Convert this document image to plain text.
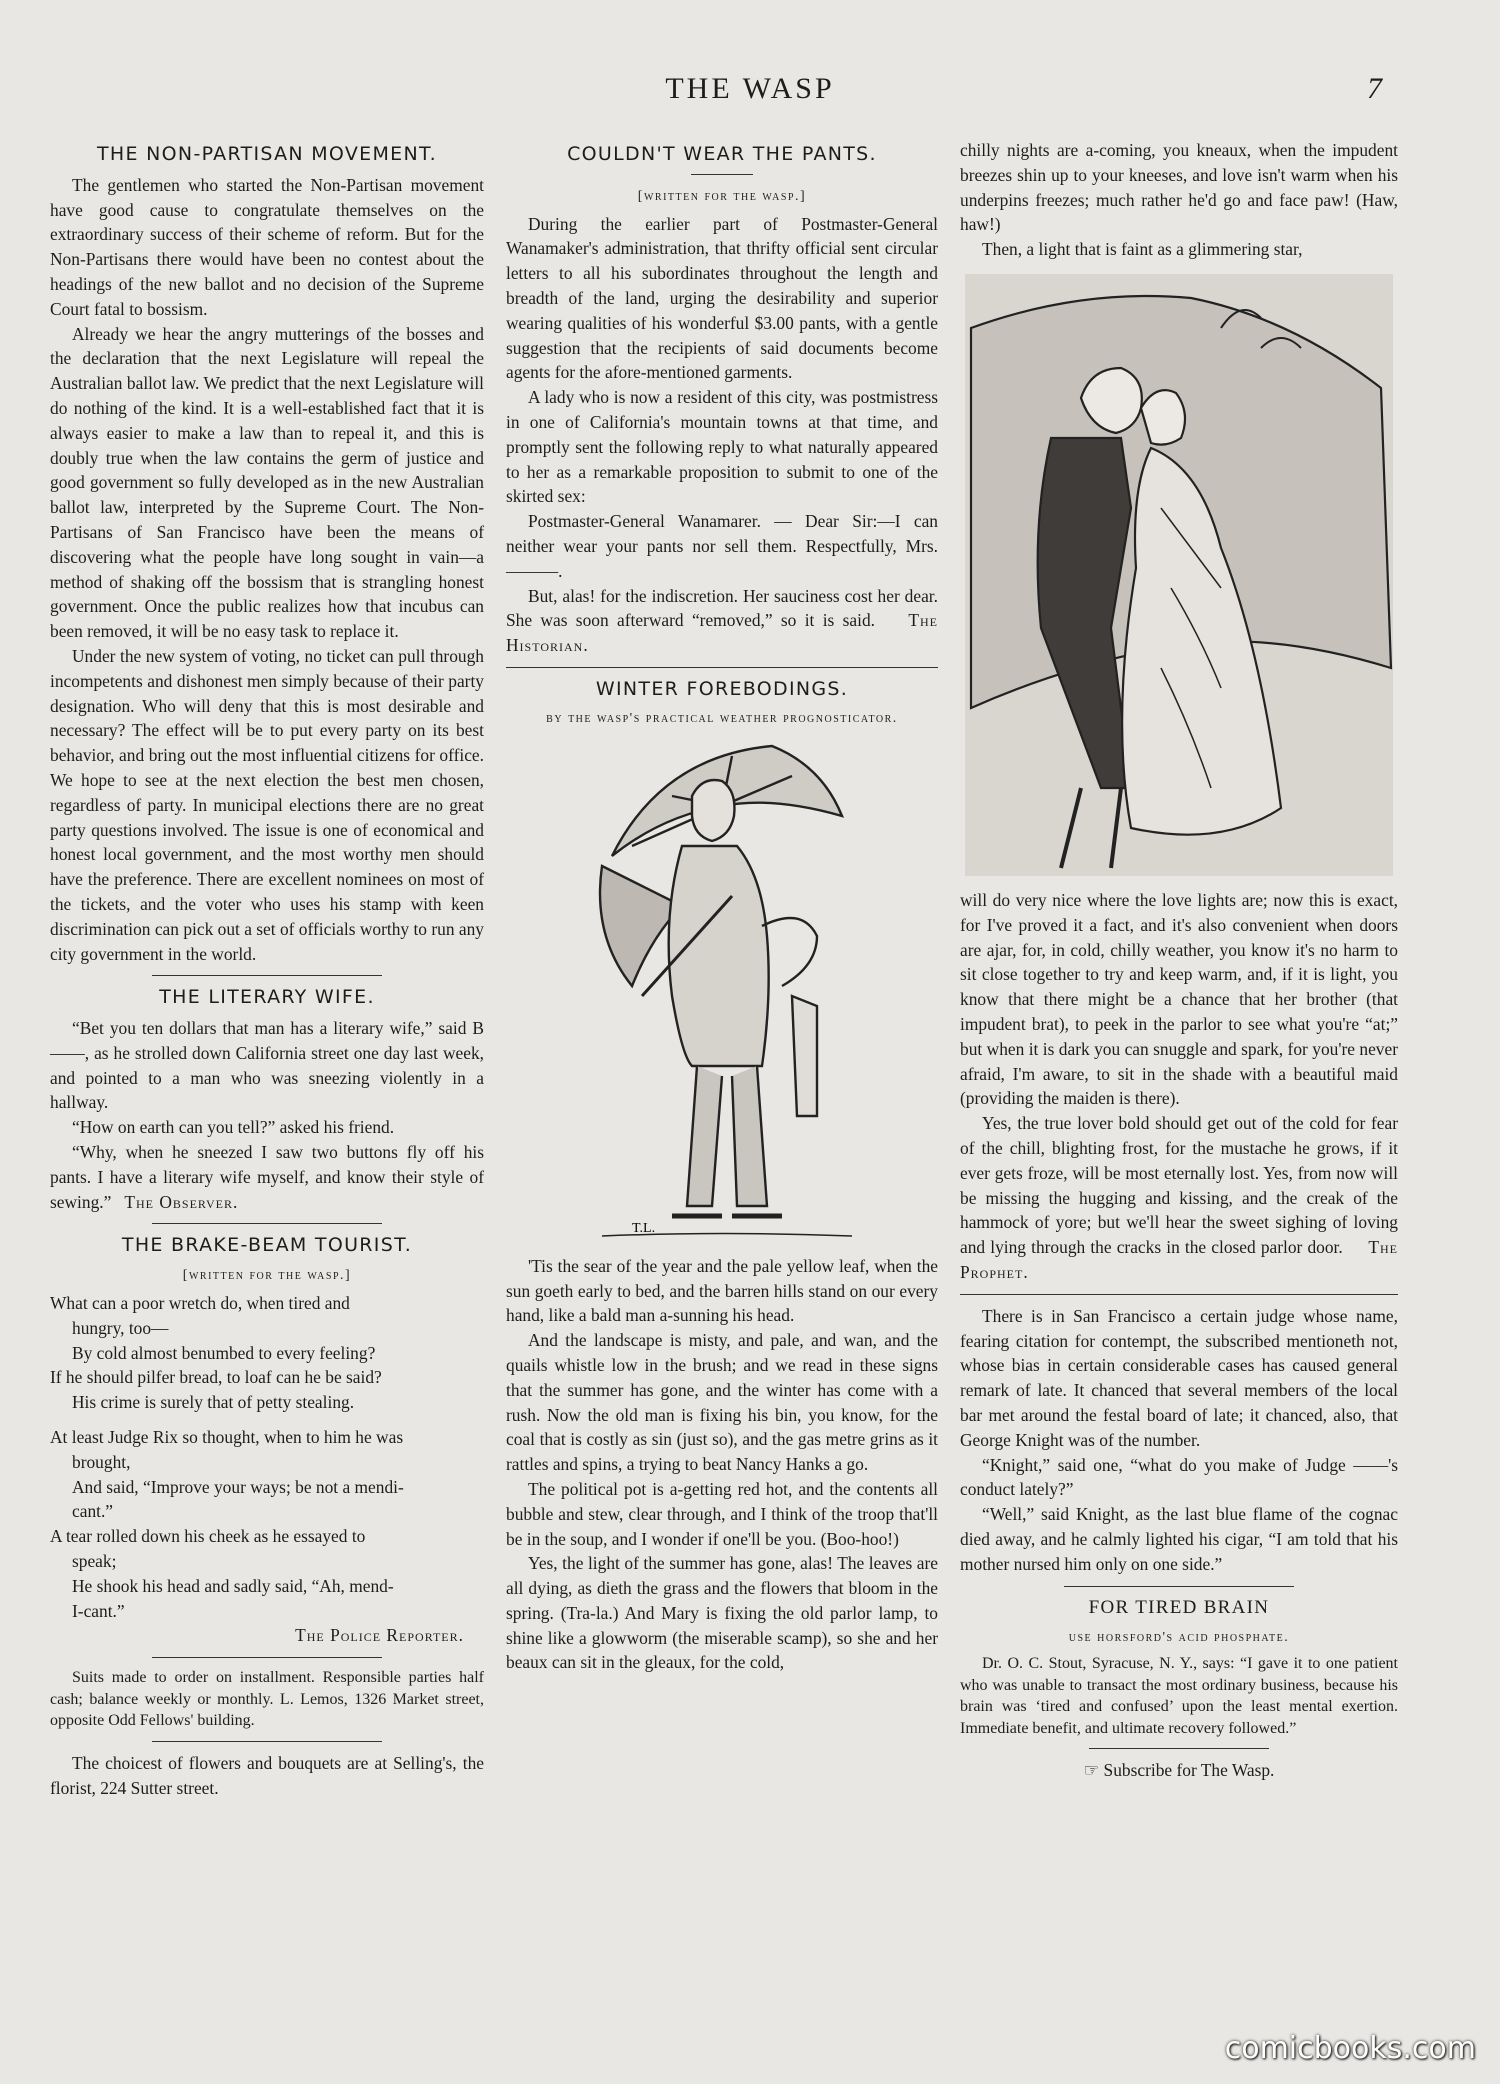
THE WASP	7
THE NON-PARTISAN MOVEMENT.

The gentlemen who started the Non-Partisan movement have good cause to congratulate themselves on the extraordinary success of their scheme of reform. But for the Non-Partisans there would have been no contest about the headings of the new ballot and no decision of the Supreme Court fatal to bossism.

Already we hear the angry mutterings of the bosses and the declaration that the next Legislature will repeal the Australian ballot law. We predict that the next Legislature will do nothing of the kind. It is a well-established fact that it is always easier to make a law than to repeal it, and this is doubly true when the law contains the germ of justice and good government so fully developed as in the new Australian ballot law, interpreted by the Supreme Court. The Non-Partisans of San Francisco have been the means of discovering what the people have long sought in vain—a method of shaking off the bossism that is strangling honest government. Once the public realizes how that incubus can been removed, it will be no easy task to replace it.

Under the new system of voting, no ticket can pull through incompetents and dishonest men simply because of their party designation. Who will deny that this is most desirable and necessary? The effect will be to put every party on its best behavior, and bring out the most influential citizens for office. We hope to see at the next election the best men chosen, regardless of party. In municipal elections there are no great party questions involved. The issue is one of economical and honest local government, and the most worthy men should have the preference. There are excellent nominees on most of the tickets, and the voter who uses his stamp with keen discrimination can pick out a set of officials worthy to run any city government in the world.

THE LITERARY WIFE.

“Bet you ten dollars that man has a literary wife,” said B ——, as he strolled down California street one day last week, and pointed to a man who was sneezing violently in a hallway.

“How on earth can you tell?” asked his friend.

“Why, when he sneezed I saw two buttons fly off his pants. I have a literary wife myself, and know their style of sewing.” The Observer.

THE BRAKE-BEAM TOURIST.
[written for the wasp.]
What can a poor wretch do, when tired and
hungry, too—
By cold almost benumbed to every feeling?
If he should pilfer bread, to loaf can he be said?
His crime is surely that of petty stealing.
At least Judge Rix so thought, when to him he was
brought,
And said, “Improve your ways; be not a mendi-
cant.”
A tear rolled down his cheek as he essayed to
speak;
He shook his head and sadly said, “Ah, mend-
I-cant.”
The Police Reporter.

Suits made to order on installment. Responsible parties half cash; balance weekly or monthly. L. Lemos, 1326 Market street, opposite Odd Fellows' building.

The choicest of flowers and bouquets are at Selling's, the florist, 224 Sutter street.

COULDN'T WEAR THE PANTS.
[written for the wasp.]

During the earlier part of Postmaster-General Wanamaker's administration, that thrifty official sent circular letters to all his subordinates throughout the length and breadth of the land, urging the desirability and superior wearing qualities of his wonderful $3.00 pants, with a gentle suggestion that the recipients of said documents become agents for the afore-mentioned garments.

A lady who is now a resident of this city, was postmistress in one of California's mountain towns at that time, and promptly sent the following reply to what naturally appeared to her as a remarkable proposition to submit to one of the skirted sex:

Postmaster-General Wanamarer. — Dear Sir:—I can neither wear your pants nor sell them. Respectfully, Mrs. ———.

But, alas! for the indiscretion. Her sauciness cost her dear. She was soon afterward “removed,” so it is said. The Historian.

WINTER FOREBODINGS.
by the wasp's practical weather prognosticator.
T.L.

'Tis the sear of the year and the pale yellow leaf, when the sun goeth early to bed, and the barren hills stand on our every hand, like a bald man a-sunning his head.

And the landscape is misty, and pale, and wan, and the quails whistle low in the brush; and we read in these signs that the summer has gone, and the winter has come with a rush. Now the old man is fixing his bin, you know, for the coal that is costly as sin (just so), and the gas metre grins as it rattles and spins, a trying to beat Nancy Hanks a go.

The political pot is a-getting red hot, and the contents all bubble and stew, clear through, and I think of the troop that'll be in the soup, and I wonder if one'll be you. (Boo-hoo!)

Yes, the light of the summer has gone, alas! The leaves are all dying, as dieth the grass and the flowers that bloom in the spring. (Tra-la.) And Mary is fixing the old parlor lamp, to shine like a glowworm (the miserable scamp), so she and her beaux can sit in the gleaux, for the cold,

chilly nights are a-coming, you kneaux, when the impudent breezes shin up to your kneeses, and love isn't warm when his underpins freezes; much rather he'd go and face paw! (Haw, haw!)

Then, a light that is faint as a glimmering star,

will do very nice where the love lights are; now this is exact, for I've proved it a fact, and it's also convenient when doors are ajar, for, in cold, chilly weather, you know it's no harm to sit close together to try and keep warm, and, if it is light, you know that there might be a chance that her brother (that impudent brat), to peek in the parlor to see what you're “at;” but when it is dark you can snuggle and spark, for you're never afraid, I'm aware, to sit in the shade with a beautiful maid (providing the maiden is there).

Yes, the true lover bold should get out of the cold for fear of the chill, blighting frost, for the mustache he grows, if it ever gets froze, will be most eternally lost. Yes, from now will be missing the hugging and kissing, and the creak of the hammock of yore; but we'll hear the sweet sighing of loving and lying through the cracks in the closed parlor door. The Prophet.

There is in San Francisco a certain judge whose name, fearing citation for contempt, the subscribed mentioneth not, whose bias in certain considerable cases has caused general remark of late. It chanced that several members of the local bar met around the festal board of late; it chanced, also, that George Knight was of the number.

“Knight,” said one, “what do you make of Judge ——'s conduct lately?”

“Well,” said Knight, as the last blue flame of the cognac died away, and he calmly lighted his cigar, “I am told that his mother nursed him only on one side.”

FOR TIRED BRAIN
use horsford's acid phosphate.

Dr. O. C. Stout, Syracuse, N. Y., says: “I gave it to one patient who was unable to transact the most ordinary business, because his brain was ‘tired and confused’ upon the least mental exertion. Immediate benefit, and ultimate recovery followed.”

☞ Subscribe for The Wasp.
comicbooks.com
